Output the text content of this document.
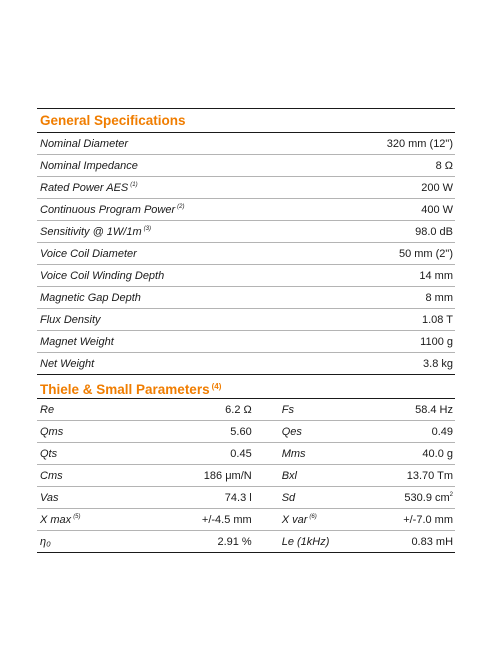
General Specifications
Nominal Diameter	320 mm (12")
Nominal Impedance	8 Ω
Rated Power AES $^{(1)}$	200 W
Continuous Program Power $^{(2)}$	400 W
Sensitivity @ 1W/1m $^{(3)}$	98.0 dB
Voice Coil Diameter	50 mm (2")
Voice Coil Winding Depth	14 mm
Magnetic Gap Depth	8 mm
Flux Density	1.08 T
Magnet Weight	1100 g
Net Weight	3.8 kg
Thiele & Small Parameters $^{(4)}$
Re	6.2 Ω	Fs	58.4 Hz
Qms	5.60	Qes	0.49
Qts	0.45	Mms	40.0 g
Cms	186 μm/N	Bxl	13.70 Tm
Vas	74.3 l	Sd	530.9 $cm^2$
X max $^{(5)}$	+/-4.5 mm	X var $^{(6)}$	+/-7.0 mm
η₀	2.91 %	Le (1kHz)	0.83 mH
